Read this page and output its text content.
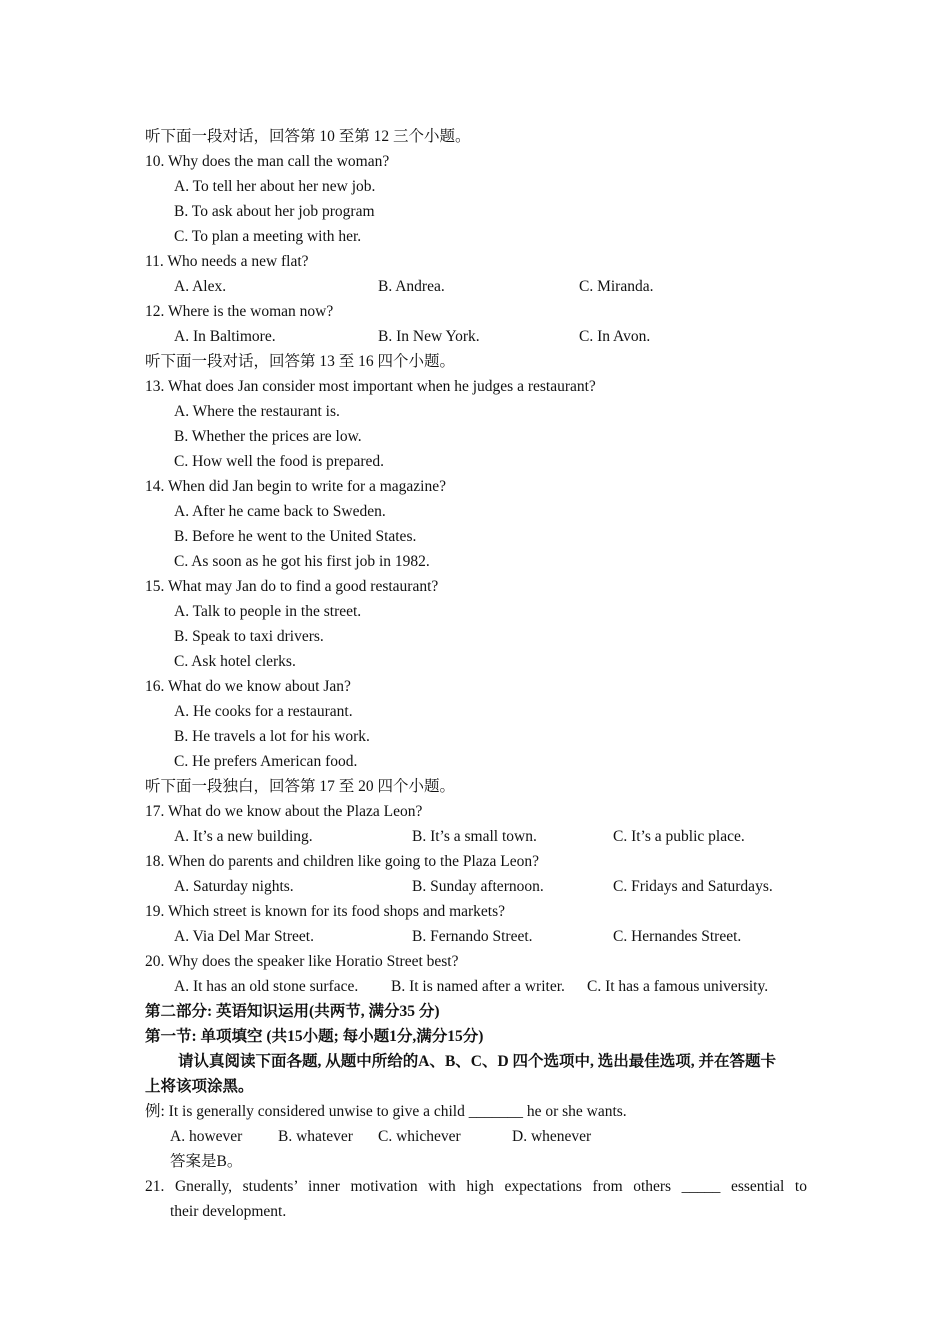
听下面一段对话，回答第 10 至第 12 三个小题。
10. Why does the man call the woman?
A. To tell her about her new job.
B. To ask about her job program
C. To plan a meeting with her.
11. Who needs a new flat?
A. Alex.	B. Andrea.	C. Miranda.
12. Where is the woman now?
A. In Baltimore.	B. In New York.	C. In Avon.
听下面一段对话，回答第 13 至 16 四个小题。
13. What does Jan consider most important when he judges a restaurant?
A. Where the restaurant is.
B. Whether the prices are low.
C. How well the food is prepared.
14. When did Jan begin to write for a magazine?
A. After he came back to Sweden.
B. Before he went to the United States.
C. As soon as he got his first job in 1982.
15. What may Jan do to find a good restaurant?
A. Talk to people in the street.
B. Speak to taxi drivers.
C. Ask hotel clerks.
16. What do we know about Jan?
A. He cooks for a restaurant.
B. He travels a lot for his work.
C. He prefers American food.
听下面一段独白，回答第 17 至 20 四个小题。
17. What do we know about the Plaza Leon?
A. It’s a new building.	B. It’s a small town.	C. It’s a public place.
18. When do parents and children like going to the Plaza Leon?
A. Saturday nights.	B. Sunday afternoon.	C. Fridays and Saturdays.
19. Which street is known for its food shops and markets?
A. Via Del Mar Street.	B. Fernando Street.	C. Hernandes Street.
20. Why does the speaker like Horatio Street best?
A. It has an old stone surface. B. It is named after a writer. C. It has a famous university.
第二部分: 英语知识运用(共两节, 满分35 分)
第一节: 单项填空 (共15小题; 每小题1分,满分15分)
请认真阅读下面各题, 从题中所给的A、B、C、D 四个选项中, 选出最佳选项, 并在答题卡
上将该项涂黑。
例: It is generally considered unwise to give a child _______ he or she wants.
A. however B. whatever C. whichever	D. whenever
答案是B。
21. Gnerally, students’ inner motivation with high expectations from others _____ essential to
their development.
